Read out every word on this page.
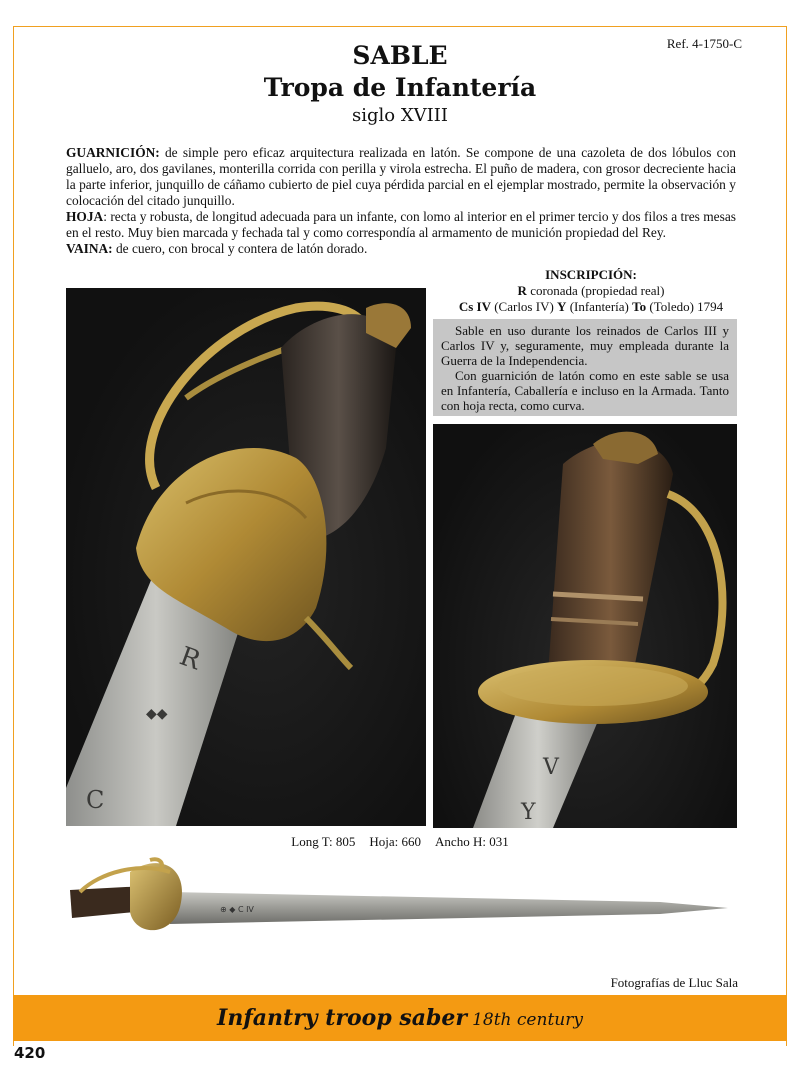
Ref. 4-1750-C
SABLE
Tropa de Infantería
siglo XVIII

GUARNICIÓN: de simple pero eficaz arquitectura realizada en latón. Se compone de una cazoleta de dos lóbulos con galluelo, aro, dos gavilanes, monterilla corrida con perilla y virola estrecha. El puño de madera, con grosor decreciente hacia la parte inferior, junquillo de cáñamo cubierto de piel cuya pérdida parcial en el ejemplar mostrado, permite la observación y colocación del citado junquillo.

HOJA: recta y robusta, de longitud adecuada para un infante, con lomo al interior en el primer tercio y dos filos a tres mesas en el resto. Muy bien marcada y fechada tal y como correspondía al armamento de munición propiedad del Rey.

VAINA: de cuero, con brocal y contera de latón dorado.

INSCRIPCIÓN:
R coronada (propiedad real)
Cs IV (Carlos IV) Y (Infantería) To (Toledo) 1794
R
◆◆
C

Sable en uso durante los reinados de Carlos III y Carlos IV y, seguramente, muy empleada durante la Guerra de la Independencia.

Con guarnición de latón como en este sable se usa en Infantería, Caballería e incluso en la Armada. Tanto con hoja recta, como curva.

V
Y
Long T: 805 Hoja: 660 Ancho H: 031
⊕ ◆ C IV
Fotografías de Lluc Sala
Infantry troop saber 18th century
420
